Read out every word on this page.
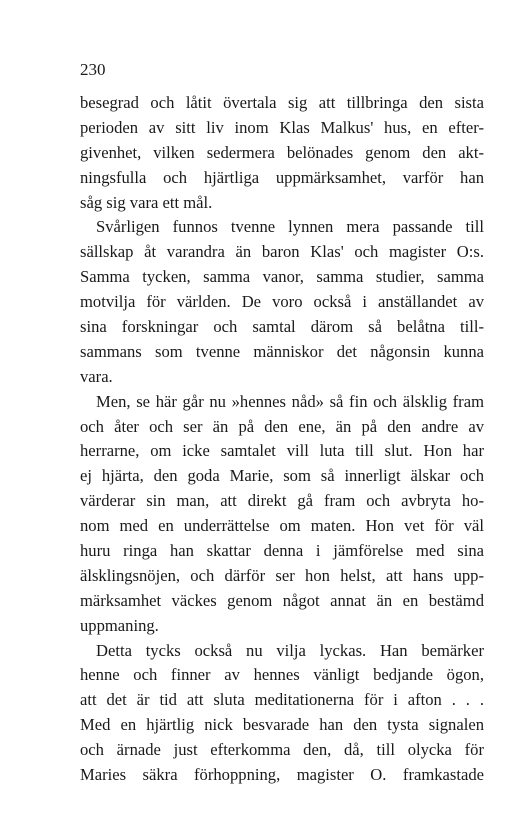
230

besegrad och låtit övertala sig att tillbringa den sista
perioden av sitt liv inom Klas Malkus' hus, en efter-
givenhet, vilken sedermera belönades genom den akt-
ningsfulla och hjärtliga uppmärksamhet, varför han
såg sig vara ett mål.
Svårligen funnos tvenne lynnen mera passande till
sällskap åt varandra än baron Klas' och magister O:s.
Samma tycken, samma vanor, samma studier, samma
motvilja för världen. De voro också i anställandet av
sina forskningar och samtal därom så belåtna till-
sammans som tvenne människor det någonsin kunna
vara.
Men, se här går nu »hennes nåd» så fin och älsklig fram
och åter och ser än på den ene, än på den andre av
herrarne, om icke samtalet vill luta till slut. Hon har
ej hjärta, den goda Marie, som så innerligt älskar och
värderar sin man, att direkt gå fram och avbryta ho-
nom med en underrättelse om maten. Hon vet för väl
huru ringa han skattar denna i jämförelse med sina
älsklingsnöjen, och därför ser hon helst, att hans upp-
märksamhet väckes genom något annat än en bestämd
uppmaning.
Detta tycks också nu vilja lyckas. Han bemärker
henne och finner av hennes vänligt bedjande ögon,
att det är tid att sluta meditationerna för i afton . . .
Med en hjärtlig nick besvarade han den tysta signalen
och ärnade just efterkomma den, då, till olycka för
Maries säkra förhoppning, magister O. framkastade
